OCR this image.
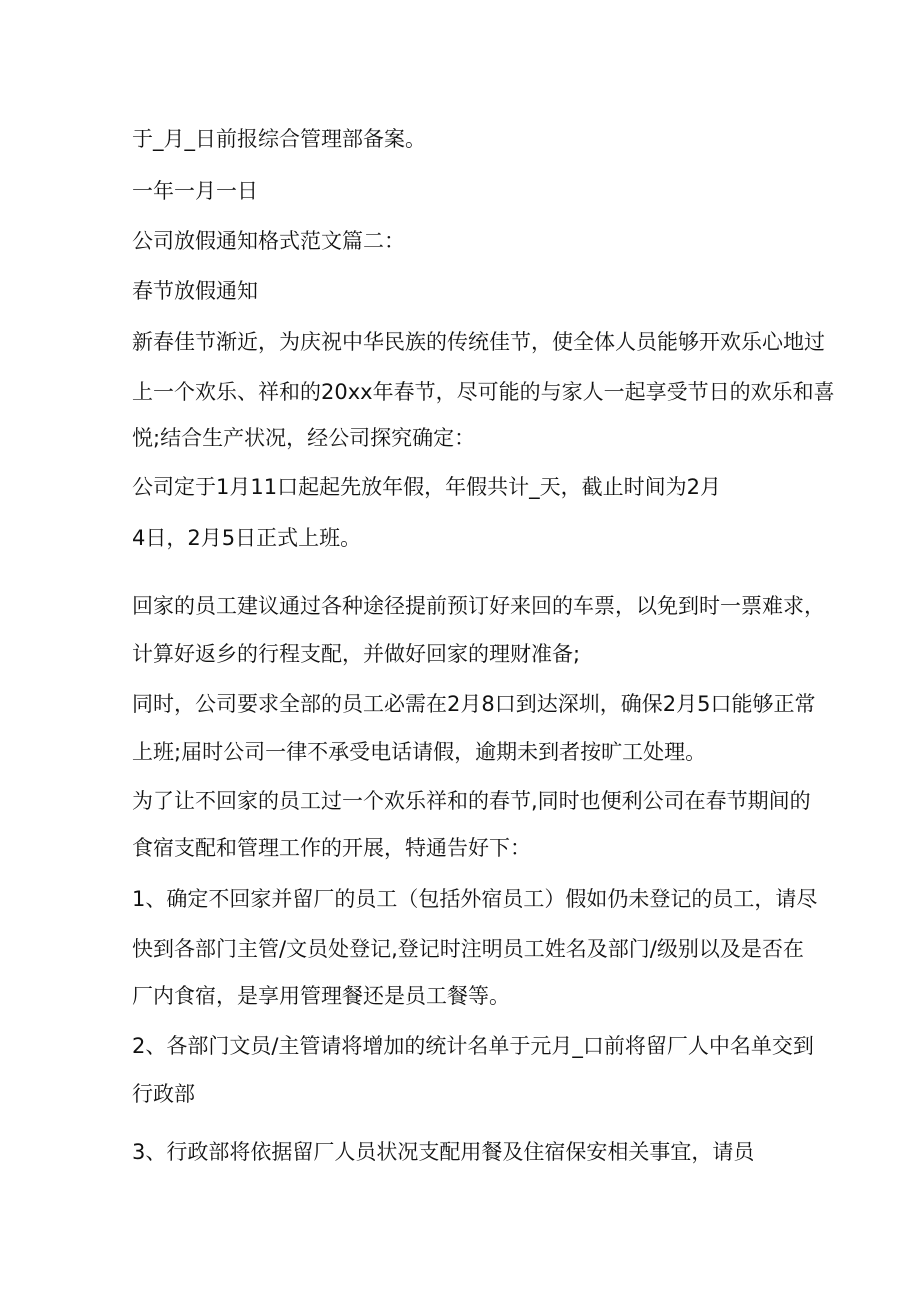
于_月_日前报综合管理部备案。
一年一月一日
公司放假通知格式范文篇二：
春节放假通知
新春佳节渐近，为庆祝中华民族的传统佳节，使全体人员能够开欢乐心地过
上一个欢乐、祥和的20xx年春节，尽可能的与家人一起享受节日的欢乐和喜
悦;结合生产状况，经公司探究确定：
公司定于1月11口起起先放年假，年假共计_天，截止时间为2月
4日，2月5日正式上班。
回家的员工建议通过各种途径提前预订好来回的车票，以免到时一票难求，
计算好返乡的行程支配，并做好回家的理财准备;
同时，公司要求全部的员工必需在2月8口到达深圳，确保2月5口能够正常
上班;届时公司一律不承受电话请假，逾期未到者按旷工处理。
为了让不回家的员工过一个欢乐祥和的春节,同时也便利公司在春节期间的
食宿支配和管理工作的开展，特通告好下：
1、确定不回家并留厂的员工（包括外宿员工）假如仍未登记的员工，请尽
快到各部门主管/文员处登记,登记时注明员工姓名及部门/级别以及是否在
厂内食宿，是享用管理餐还是员工餐等。
2、各部门文员/主管请将增加的统计名单于元月_口前将留厂人中名单交到
行政部
3、行政部将依据留厂人员状况支配用餐及住宿保安相关事宜，请员
